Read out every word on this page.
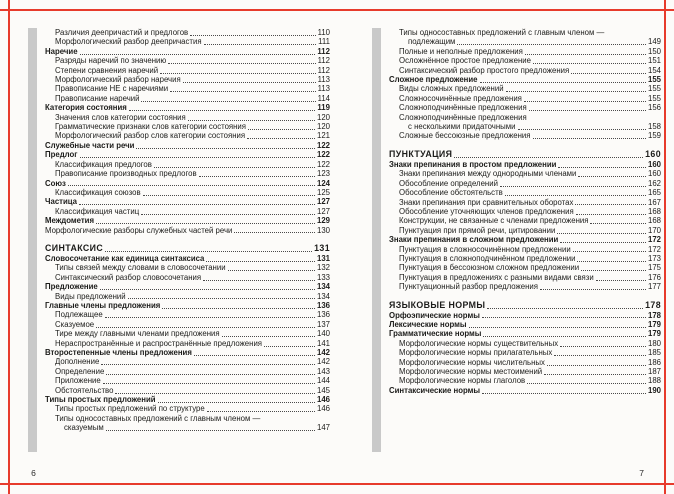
Различия деепричастий и предлогов	110
Морфологический разбор деепричастия	111
Наречие	112
Разряды наречий по значению	112
Степени сравнения наречий	112
Морфологический разбор наречия	113
Правописание НЕ с наречиями	113
Правописание наречий	114
Категория состояния	119
Значения слов категории состояния	120
Грамматические признаки слов категории состояния	120
Морфологический разбор слов категории состояния	121
Служебные части речи	122
Предлог	122
Классификация предлогов	122
Правописание производных предлогов	123
Союз	124
Классификация союзов	125
Частица	127
Классификация частиц	127
Междометия	129
Морфологические разборы служебных частей речи	130
СИНТАКСИС	131
Словосочетание как единица синтаксиса	131
Типы связей между словами в словосочетании	132
Синтаксический разбор словосочетания	133
Предложение	134
Виды предложений	134
Главные члены предложения	136
Подлежащее	136
Сказуемое	137
Тире между главными членами предложения	140
Нераспространённые и распространённые предложения	141
Второстепенные члены предложения	142
Дополнение	142
Определение	143
Приложение	144
Обстоятельство	145
Типы простых предложений	146
Типы простых предложений по структуре	146
Типы односоставных предложений с главным членом —
сказуемым	147
6
Типы односоставных предложений с главным членом —
подлежащим	149
Полные и неполные предложения	150
Осложнённое простое предложение	151
Синтаксический разбор простого предложения	154
Сложное предложение	155
Виды сложных предложений	155
Сложносочинённые предложения	155
Сложноподчинённые предложения	156
Сложноподчинённые предложения
с несколькими придаточными	158
Сложные бессоюзные предложения	159
ПУНКТУАЦИЯ	160
Знаки препинания в простом предложении	160
Знаки препинания между однородными членами	160
Обособление определений	162
Обособление обстоятельств	165
Знаки препинания при сравнительных оборотах	167
Обособление уточняющих членов предложения	168
Конструкции, не связанные с членами предложения	168
Пунктуация при прямой речи, цитировании	170
Знаки препинания в сложном предложении	172
Пунктуация в сложносочинённом предложении	172
Пунктуация в сложноподчинённом предложении	173
Пунктуация в бессоюзном сложном предложении	175
Пунктуация в предложениях с разными видами связи	176
Пунктуационный разбор предложения	177
ЯЗЫКОВЫЕ НОРМЫ	178
Орфоэпические нормы	178
Лексические нормы	179
Грамматические нормы	179
Морфологические нормы существительных	180
Морфологические нормы прилагательных	185
Морфологические нормы числительных	186
Морфологические нормы местоимений	187
Морфологические нормы глаголов	188
Синтаксические нормы	190
7
